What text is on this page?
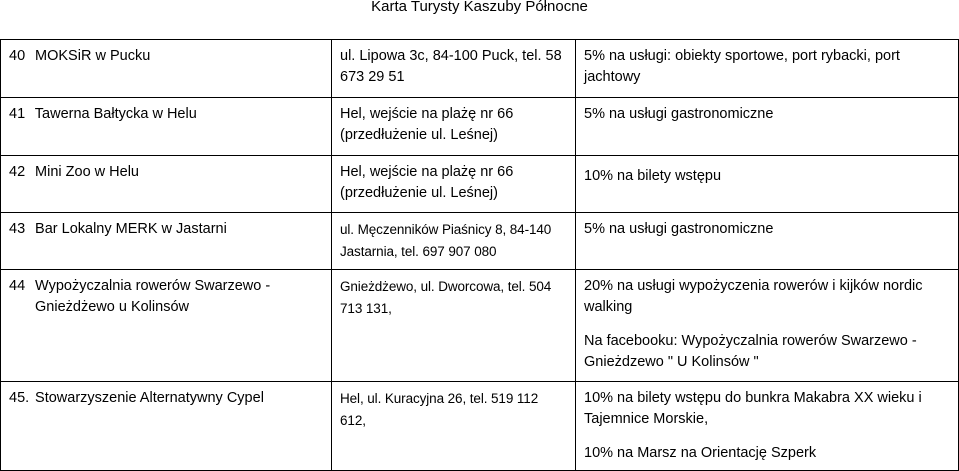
Karta Turysty Kaszuby Północne
40 MOKSiR w Pucku	ul. Lipowa 3c, 84-100 Puck, tel. 58 673 29 51	5% na usługi: obiekty sportowe, port rybacki, port jachtowy

41 Tawerna Bałtycka w Helu	Hel, wejście na plażę nr 66 (przedłużenie ul. Leśnej)	5% na usługi gastronomiczne

42 Mini Zoo w Helu	Hel, wejście na plażę nr 66 (przedłużenie ul. Leśnej)	10% na bilety wstępu

43 Bar Lokalny MERK w Jastarni	ul. Męczenników Piaśnicy 8, 84-140 Jastarnia, tel. 697 907 080	5% na usługi gastronomiczne

44 Wypożyczalnia rowerów Swarzewo - Gnieżdżewo u Kolinsów	Gnieżdżewo, ul. Dworcowa, tel. 504 713 131,	20% na usługi wypożyczenia rowerów i kijków nordic walking

Na facebooku: Wypożyczalnia rowerów Swarzewo - Gnieżdzewo " U Kolinsów "

45. Stowarzyszenie Alternatywny Cypel	Hel, ul. Kuracyjna 26, tel. 519 112 612,	10% na bilety wstępu do bunkra Makabra XX wieku i Tajemnice Morskie,

10% na Marsz na Orientację Szperk
